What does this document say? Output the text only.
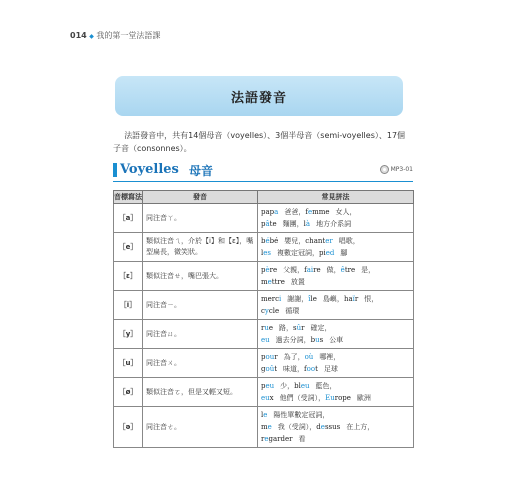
014 ◆ 我的第一堂法語課
法語發音

法語發音中，共有14個母音（voyelles）、3個半母音（semi-voyelles）、17個子音（consonnes）。

Voyelles 母音	MP3-01
音標寫法	發音	常見拼法
［a］	同注音ㄚ。	papa 爸爸，femme 女人，
pâte 麵團，là 地方介系詞

［e］	類似注音ㄟ，介於【i】和【ɛ】，嘴型扁長，微笑狀。	bébé 嬰兒，chanter 唱歌，
les 複數定冠詞，pied 腳

［ɛ］	類似注音ㄝ，嘴巴張大。	père 父親，faire 做，être 是，
mettre 放置

［i］	同注音ㄧ。	merci 謝謝，île 島嶼，haïr 恨，
cycle 循環

［y］	同注音ㄩ。	rue 路，sûr 確定，
eu 過去分詞，bus 公車

［u］	同注音ㄨ。	pour 為了，où 哪裡，
goût 味道，foot 足球

［ø］	類似注音ㄛ，但是又輕又短。	peu 少，bleu 藍色，
eux 他們（受詞），Europe 歐洲

［ə］	同注音ㄜ。	le 陽性單數定冠詞，
me 我（受詞），dessus 在上方，
regarder 看
